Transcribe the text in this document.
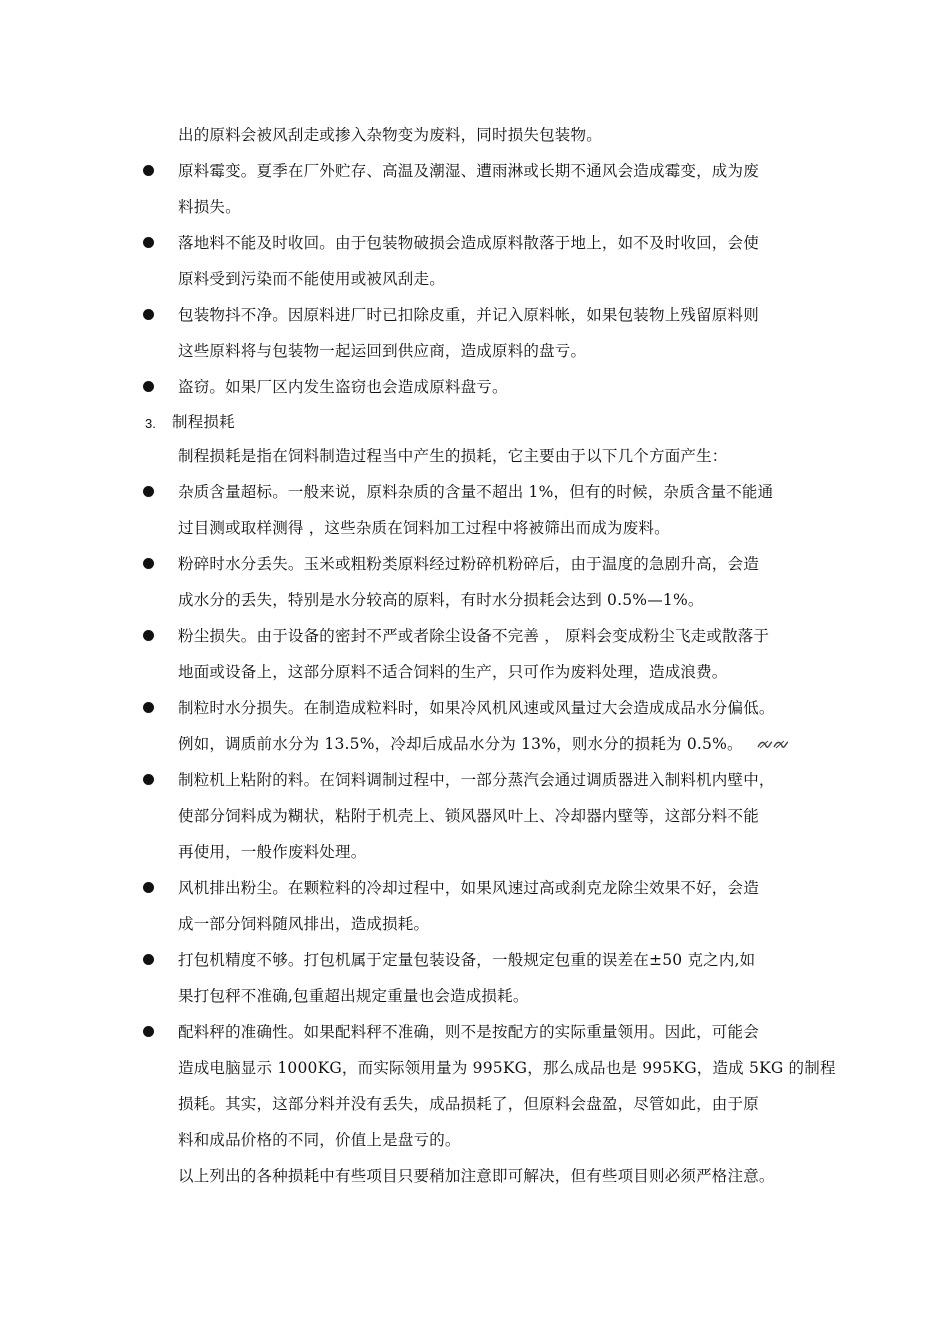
3.
出的原料会被风刮走或掺入杂物变为废料，同时损失包装物。
原料霉变。夏季在厂外贮存、高温及潮湿、遭雨淋或长期不通风会造成霉变，成为废
料损失。
落地料不能及时收回。由于包装物破损会造成原料散落于地上，如不及时收回，会使
原料受到污染而不能使用或被风刮走。
包装物抖不净。因原料进厂时已扣除皮重，并记入原料帐，如果包装物上残留原料则
这些原料将与包装物一起运回到供应商，造成原料的盘亏。
盗窃。如果厂区内发生盗窃也会造成原料盘亏。
制程损耗
制程损耗是指在饲料制造过程当中产生的损耗，它主要由于以下几个方面产生：
杂质含量超标。一般来说，原料杂质的含量不超出 1%，但有的时候，杂质含量不能通
过目测或取样测得 ，这些杂质在饲料加工过程中将被筛出而成为废料。
粉碎时水分丢失。玉米或粗粉类原料经过粉碎机粉碎后，由于温度的急剧升高，会造
成水分的丢失，特别是水分较高的原料，有时水分损耗会达到 0.5%—1%。
粉尘损失。由于设备的密封不严或者除尘设备不完善 ， 原料会变成粉尘飞走或散落于
地面或设备上，这部分原料不适合饲料的生产，只可作为废料处理，造成浪费。
制粒时水分损失。在制造成粒料时，如果冷风机风速或风量过大会造成成品水分偏低。
例如，调质前水分为 13.5%，冷却后成品水分为 13%，则水分的损耗为 0.5%。
制粒机上粘附的料。在饲料调制过程中，一部分蒸汽会通过调质器进入制料机内壁中，
使部分饲料成为糊状，粘附于机壳上、锁风器风叶上、冷却器内壁等，这部分料不能
再使用，一般作废料处理。
风机排出粉尘。在颗粒料的冷却过程中，如果风速过高或刹克龙除尘效果不好，会造
成一部分饲料随风排出，造成损耗。
打包机精度不够。打包机属于定量包装设备，一般规定包重的误差在±50 克之内,如
果打包秤不准确,包重超出规定重量也会造成损耗。
配料秤的准确性。如果配料秤不准确，则不是按配方的实际重量领用。因此，可能会
造成电脑显示 1000KG，而实际领用量为 995KG，那么成品也是 995KG，造成 5KG 的制程
损耗。其实，这部分料并没有丢失，成品损耗了，但原料会盘盈，尽管如此，由于原
料和成品价格的不同，价值上是盘亏的。
以上列出的各种损耗中有些项目只要稍加注意即可解决，但有些项目则必须严格注意。
